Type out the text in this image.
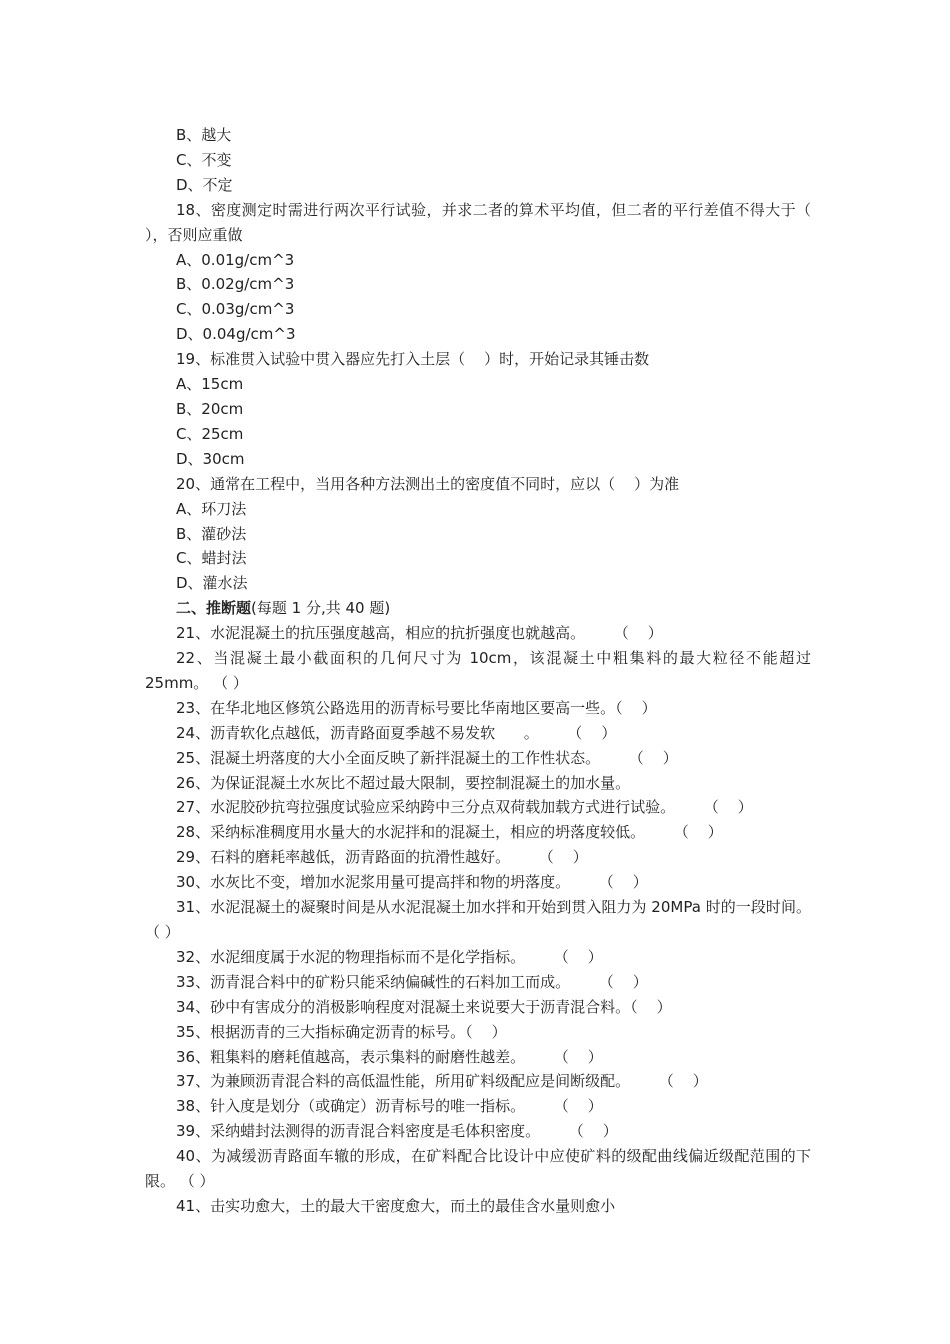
B、越大
C、不变
D、不定
18、密度测定时需进行两次平行试验，并求二者的算术平均值，但二者的平行差值不得大于（ ），否则应重做
A、0.01g/cm^3
B、0.02g/cm^3
C、0.03g/cm^3
D、0.04g/cm^3
19、标准贯入试验中贯入器应先打入土层（    ）时，开始记录其锤击数
A、15cm
B、20cm
C、25cm
D、30cm
20、通常在工程中，当用各种方法测出土的密度值不同时，应以（    ）为准
A、环刀法
B、灌砂法
C、蜡封法
D、灌水法
二、推断题(每题 1 分,共 40 题)
21、水泥混凝土的抗压强度越高，相应的抗折强度也就越高。      （    ）
22、当混凝土最小截面积的几何尺寸为 10cm，该混凝土中粗集料的最大粒径不能超过 25mm。 （ ）
23、在华北地区修筑公路选用的沥青标号要比华南地区要高一些。（    ）
24、沥青软化点越低，沥青路面夏季越不易发软      。      （    ）
25、混凝土坍落度的大小全面反映了新拌混凝土的工作性状态。      （    ）
26、为保证混凝土水灰比不超过最大限制，要控制混凝土的加水量。
27、水泥胶砂抗弯拉强度试验应采纳跨中三分点双荷载加载方式进行试验。      （    ）
28、采纳标准稠度用水量大的水泥拌和的混凝土，相应的坍落度较低。      （    ）
29、石料的磨耗率越低，沥青路面的抗滑性越好。      （    ）
30、水灰比不变，增加水泥浆用量可提高拌和物的坍落度。      （    ）
31、水泥混凝土的凝聚时间是从水泥混凝土加水拌和开始到贯入阻力为 20MPa 时的一段时间。 （ ）
32、水泥细度属于水泥的物理指标而不是化学指标。      （    ）
33、沥青混合料中的矿粉只能采纳偏碱性的石料加工而成。      （    ）
34、砂中有害成分的消极影响程度对混凝土来说要大于沥青混合料。（    ）
35、根据沥青的三大指标确定沥青的标号。（    ）
36、粗集料的磨耗值越高，表示集料的耐磨性越差。      （    ）
37、为兼顾沥青混合料的高低温性能，所用矿料级配应是间断级配。      （    ）
38、针入度是划分（或确定）沥青标号的唯一指标。      （    ）
39、采纳蜡封法测得的沥青混合料密度是毛体积密度。      （    ）
40、为减缓沥青路面车辙的形成，在矿料配合比设计中应使矿料的级配曲线偏近级配范围的下限。 （ ）
41、击实功愈大，土的最大干密度愈大，而土的最佳含水量则愈小
